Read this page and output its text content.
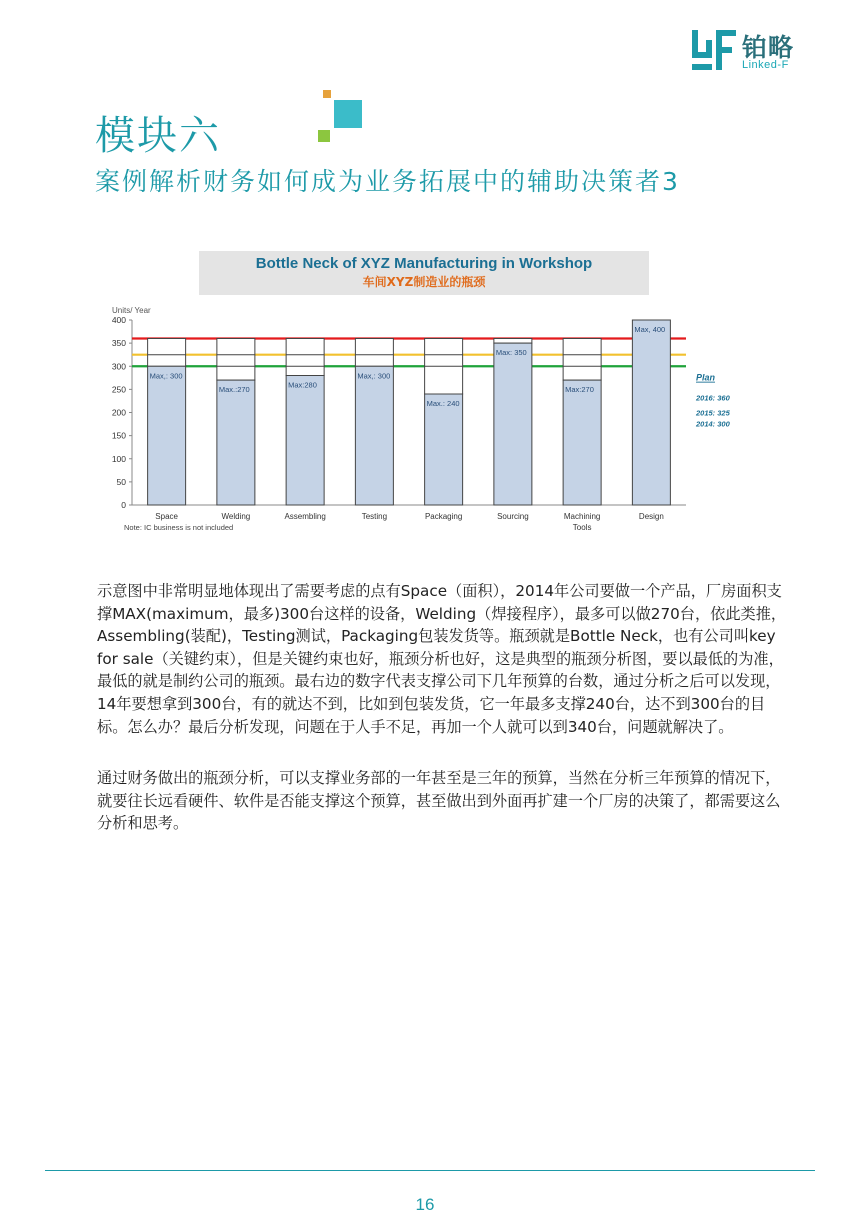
铂略
Linked-F
模块六
案例解析财务如何成为业务拓展中的辅助决策者3
Bottle Neck of XYZ Manufacturing in Workshop
车间XYZ制造业的瓶颈
Units/ Year
0
50
100
150
200
250
300
350
400
Max,: 300
Space
Max.:270
Welding
Max:280
Assembling
Max,: 300
Testing
Max.: 240
Packaging
Max: 350
Sourcing
Max:270
Machining
Tools
Max, 400
Design
Plan
2016: 360
2015: 325
2014: 300
Note: IC business is not included

示意图中非常明显地体现出了需要考虑的点有Space（面积），2014年公司要做一个产品，厂房面积支撑MAX(maximum，最多)300台这样的设备，Welding（焊接程序），最多可以做270台，依此类推，Assembling(装配)，Testing测试，Packaging包装发货等。瓶颈就是Bottle Neck，也有公司叫key for sale（关键约束），但是关键约束也好，瓶颈分析也好，这是典型的瓶颈分析图，要以最低的为准，最低的就是制约公司的瓶颈。最右边的数字代表支撑公司下几年预算的台数，通过分析之后可以发现，14年要想拿到300台，有的就达不到，比如到包装发货，它一年最多支撑240台，达不到300台的目标。怎么办？最后分析发现，问题在于人手不足，再加一个人就可以到340台，问题就解决了。

通过财务做出的瓶颈分析，可以支撑业务部的一年甚至是三年的预算，当然在分析三年预算的情况下，就要往长远看硬件、软件是否能支撑这个预算，甚至做出到外面再扩建一个厂房的决策了，都需要这么分析和思考。

16
